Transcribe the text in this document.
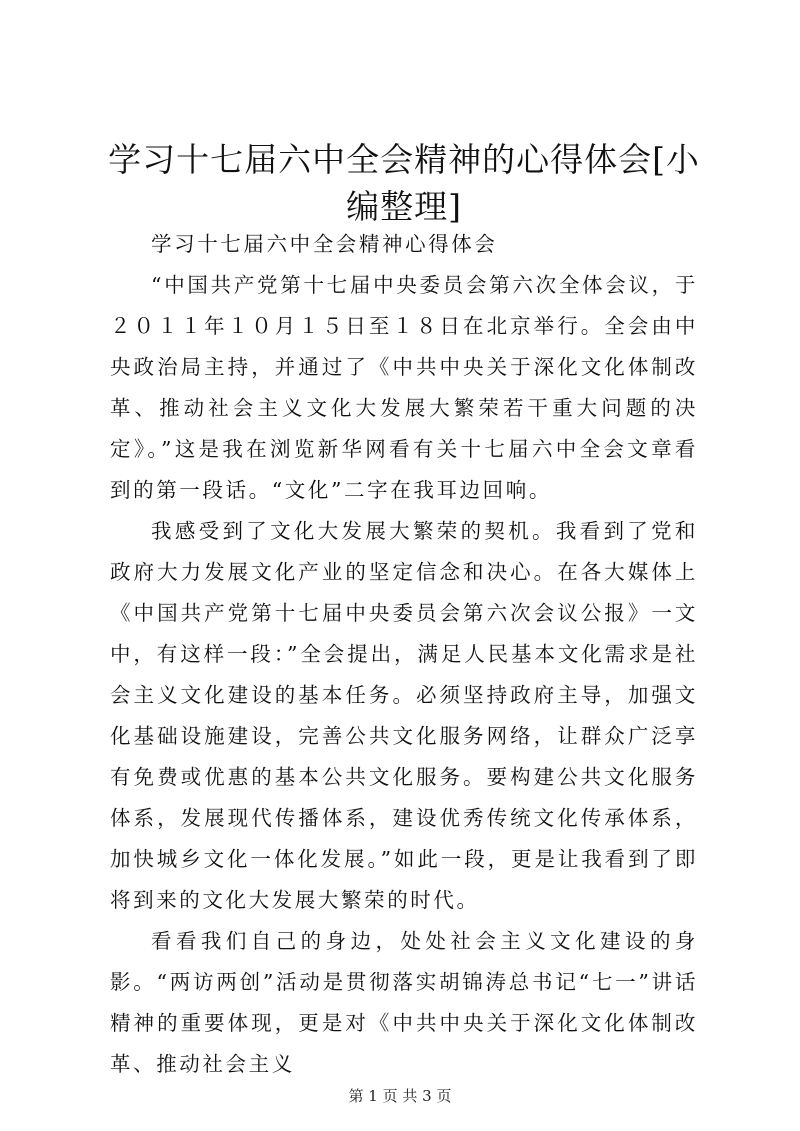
学习十七届六中全会精神的心得体会[小编整理]

学习十七届六中全会精神心得体会

“中国共产党第十七届中央委员会第六次全体会议，于２０１１年１０月１５日至１８日在北京举行。全会由中央政治局主持，并通过了《中共中央关于深化文化体制改革、推动社会主义文化大发展大繁荣若干重大问题的决定》。”这是我在浏览新华网看有关十七届六中全会文章看到的第一段话。“文化”二字在我耳边回响。

我感受到了文化大发展大繁荣的契机。我看到了党和政府大力发展文化产业的坚定信念和决心。在各大媒体上《中国共产党第十七届中央委员会第六次会议公报》一文中，有这样一段：”全会提出，满足人民基本文化需求是社会主义文化建设的基本任务。必须坚持政府主导，加强文化基础设施建设，完善公共文化服务网络，让群众广泛享有免费或优惠的基本公共文化服务。要构建公共文化服务体系，发展现代传播体系，建设优秀传统文化传承体系，加快城乡文化一体化发展。”如此一段，更是让我看到了即将到来的文化大发展大繁荣的时代。

看看我们自己的身边，处处社会主义文化建设的身影。“两访两创”活动是贯彻落实胡锦涛总书记“七一”讲话精神的重要体现，更是对《中共中央关于深化文化体制改革、推动社会主义

第 1 页 共 3 页
